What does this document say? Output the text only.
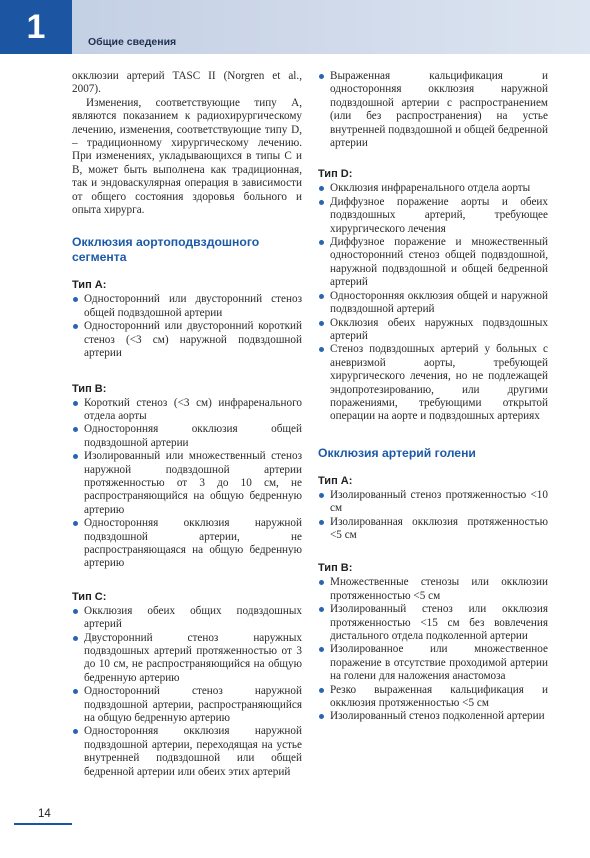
1	Общие сведения

окклюзии артерий TASC II (Norgren et al., 2007).

Изменения, соответствующие типу А, являются показанием к радиохирургическому лечению, изменения, соответствующие типу D, – традиционному хирургическому лечению. При изменениях, укладывающихся в типы С и В, может быть выполнена как традиционная, так и эндоваскулярная операция в зависимости от общего состояния здоровья больного и опыта хирурга.

Окклюзия аортоподвздошного сегмента
Тип А:
Односторонний или двусторонний стеноз общей подвздошной артерии
Односторонний или двусторонний короткий стеноз (<3 см) наружной подвздошной артерии
Тип В:
Короткий стеноз (<3 см) инфраренального отдела аорты
Односторонняя окклюзия общей подвздошной артерии
Изолированный или множественный стеноз наружной подвздошной артерии протяженностью от 3 до 10 см, не распространяющийся на общую бедренную артерию
Односторонняя окклюзия наружной подвздошной артерии, не распространяющаяся на общую бедренную артерию
Тип С:
Окклюзия обеих общих подвздошных артерий
Двусторонний стеноз наружных подвздошных артерий протяженностью от 3 до 10 см, не распространяющийся на общую бедренную артерию
Односторонний стеноз наружной подвздошной артерии, распространяющийся на общую бедренную артерию
Односторонняя окклюзия наружной подвздошной артерии, переходящая на устье внутренней подвздошной или общей бедренной артерии или обеих этих артерий
Выраженная кальцификация и односторонняя окклюзия наружной подвздошной артерии с распространением (или без распространения) на устье внутренней подвздошной и общей бедренной артерии
Тип D:
Окклюзия инфраренального отдела аорты
Диффузное поражение аорты и обеих подвздошных артерий, требующее хирургического лечения
Диффузное поражение и множественный односторонний стеноз общей подвздошной, наружной подвздошной и общей бедренной артерий
Односторонняя окклюзия общей и наружной подвздошной артерий
Окклюзия обеих наружных подвздошных артерий
Стеноз подвздошных артерий у больных с аневризмой аорты, требующей хирургического лечения, но не подлежащей эндопротезированию, или другими поражениями, требующими открытой операции на аорте и подвздошных артериях
Окклюзия артерий голени
Тип А:
Изолированный стеноз протяженностью <10 см
Изолированная окклюзия протяженностью <5 см
Тип В:
Множественные стенозы или окклюзии протяженностью <5 см
Изолированный стеноз или окклюзия протяженностью <15 см без вовлечения дистального отдела подколенной артерии
Изолированное или множественное поражение в отсутствие проходимой артерии на голени для наложения анастомоза
Резко выраженная кальцификация и окклюзия протяженностью <5 см
Изолированный стеноз подколенной артерии
14
